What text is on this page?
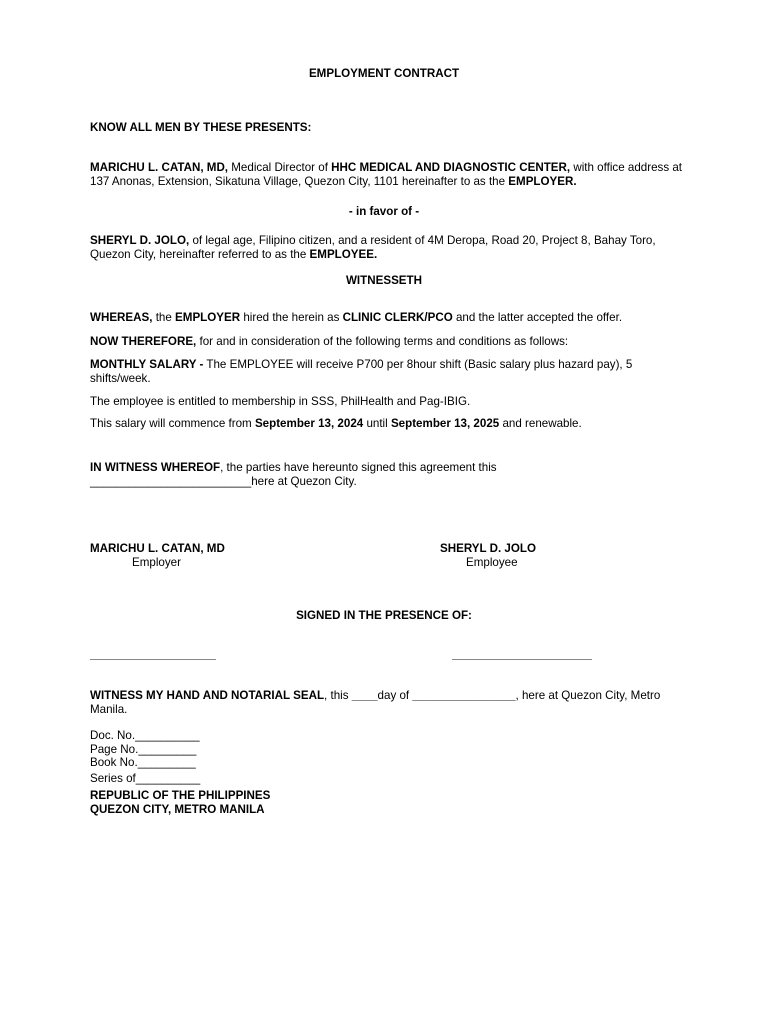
EMPLOYMENT CONTRACT
KNOW ALL MEN BY THESE PRESENTS:
MARICHU L. CATAN, MD, Medical Director of HHC MEDICAL AND DIAGNOSTIC CENTER, with office address at 137 Anonas, Extension, Sikatuna Village, Quezon City, 1101 hereinafter to as the EMPLOYER.
- in favor of -
SHERYL D. JOLO, of legal age, Filipino citizen, and a resident of 4M Deropa, Road 20, Project 8, Bahay Toro, Quezon City, hereinafter referred to as the EMPLOYEE.
WITNESSETH
WHEREAS, the EMPLOYER hired the herein as CLINIC CLERK/PCO and the latter accepted the offer.
NOW THEREFORE, for and in consideration of the following terms and conditions as follows:
MONTHLY SALARY - The EMPLOYEE will receive P700 per 8hour shift (Basic salary plus hazard pay), 5 shifts/week.
The employee is entitled to membership in SSS, PhilHealth and Pag-IBIG.
This salary will commence from September 13, 2024 until September 13, 2025 and renewable.
IN WITNESS WHEREOF, the parties have hereunto signed this agreement this
_________________________here at Quezon City.
MARICHU L. CATAN, MD
Employer
SHERYL D. JOLO
Employee
SIGNED IN THE PRESENCE OF:
WITNESS MY HAND AND NOTARIAL SEAL, this ____day of ________________, here at Quezon City, Metro Manila.
Doc. No.__________
Page No._________
Book No._________
Series of__________
REPUBLIC OF THE PHILIPPINES
QUEZON CITY, METRO MANILA
